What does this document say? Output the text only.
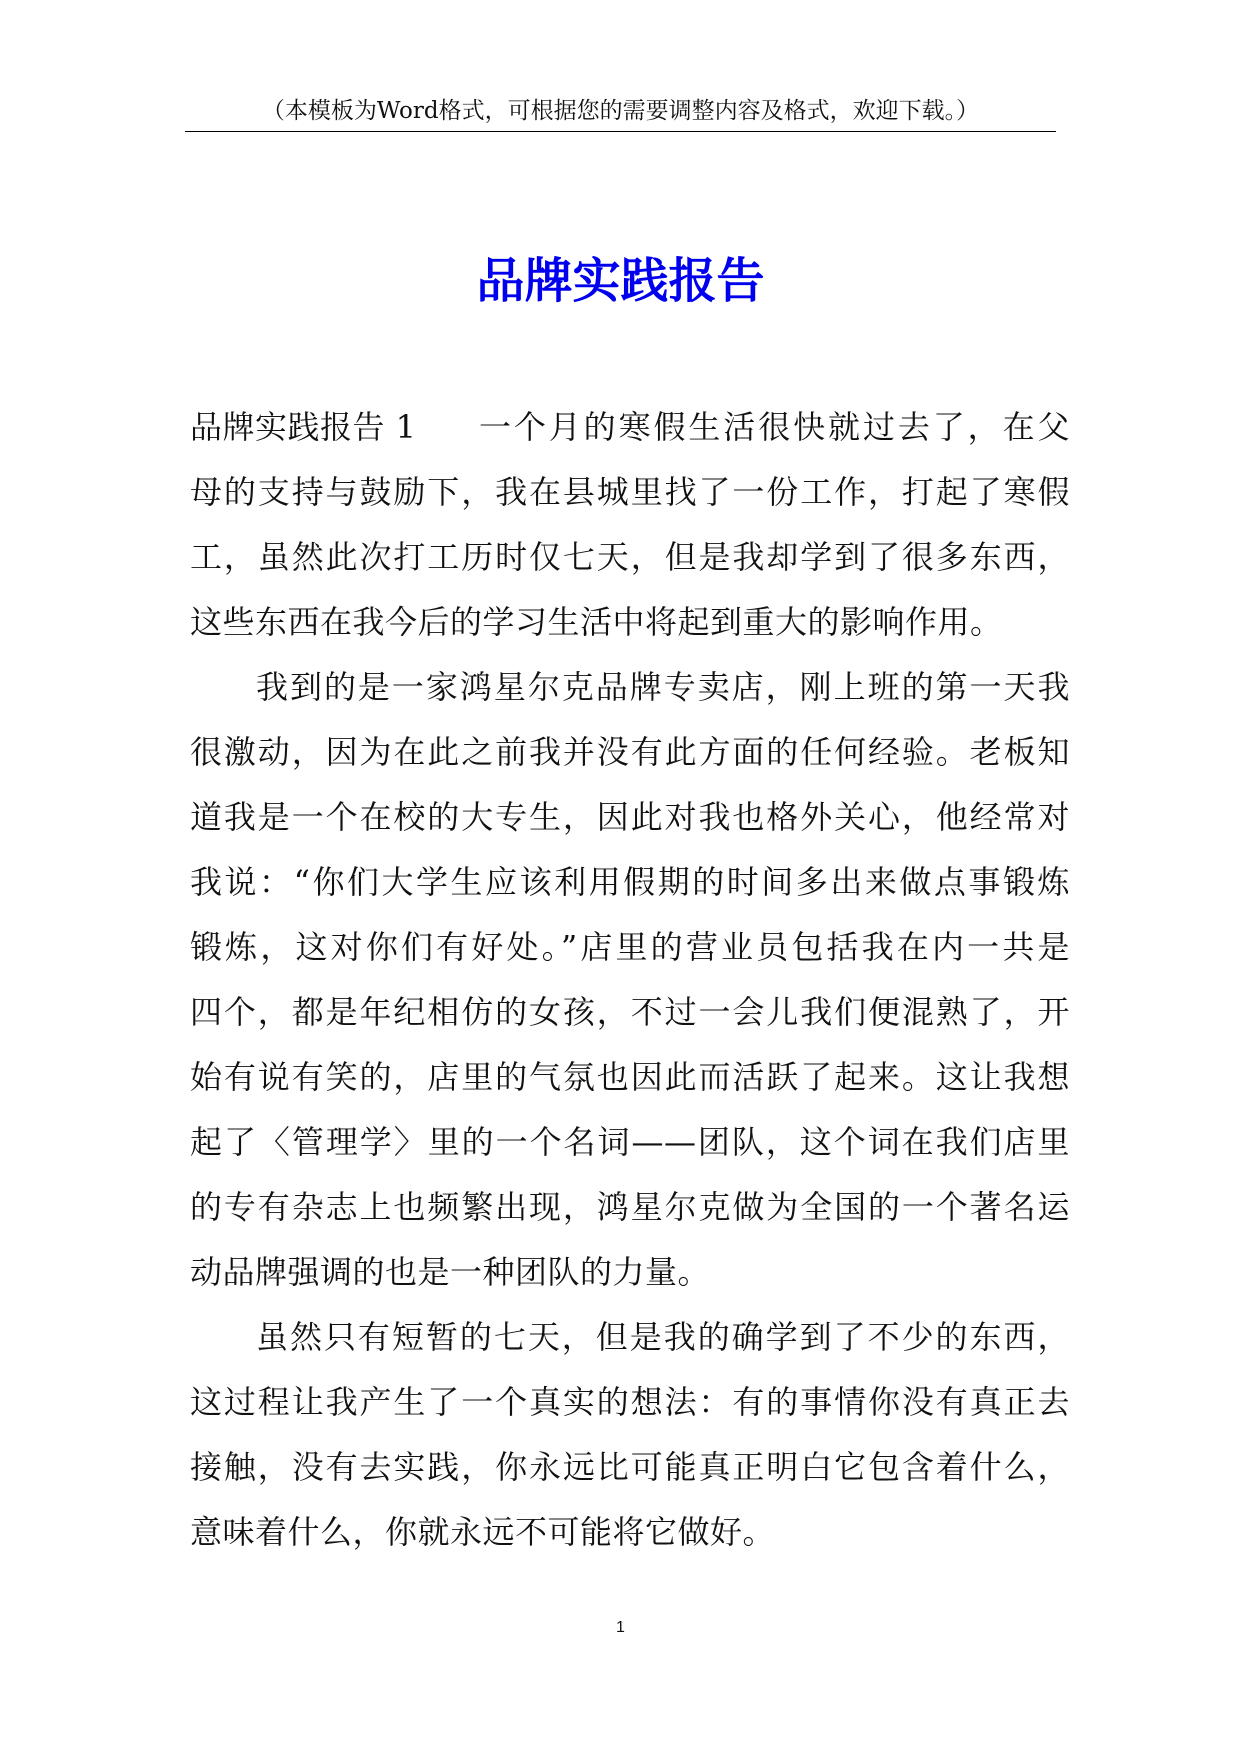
（本模板为Word格式，可根据您的需要调整内容及格式，欢迎下载。）
品牌实践报告
品牌实践报告 1 一个月的寒假生活很快就过去了，在父
母的支持与鼓励下，我在县城里找了一份工作，打起了寒假
工，虽然此次打工历时仅七天，但是我却学到了很多东西，
这些东西在我今后的学习生活中将起到重大的影响作用。
我到的是一家鸿星尔克品牌专卖店，刚上班的第一天我
很激动，因为在此之前我并没有此方面的任何经验。老板知
道我是一个在校的大专生，因此对我也格外关心，他经常对
我说：“你们大学生应该利用假期的时间多出来做点事锻炼
锻炼，这对你们有好处。”店里的营业员包括我在内一共是
四个，都是年纪相仿的女孩，不过一会儿我们便混熟了，开
始有说有笑的，店里的气氛也因此而活跃了起来。这让我想
起了〈管理学〉里的一个名词——团队，这个词在我们店里
的专有杂志上也频繁出现，鸿星尔克做为全国的一个著名运
动品牌强调的也是一种团队的力量。
虽然只有短暂的七天，但是我的确学到了不少的东西，
这过程让我产生了一个真实的想法：有的事情你没有真正去
接触，没有去实践，你永远比可能真正明白它包含着什么，
意味着什么，你就永远不可能将它做好。
1
